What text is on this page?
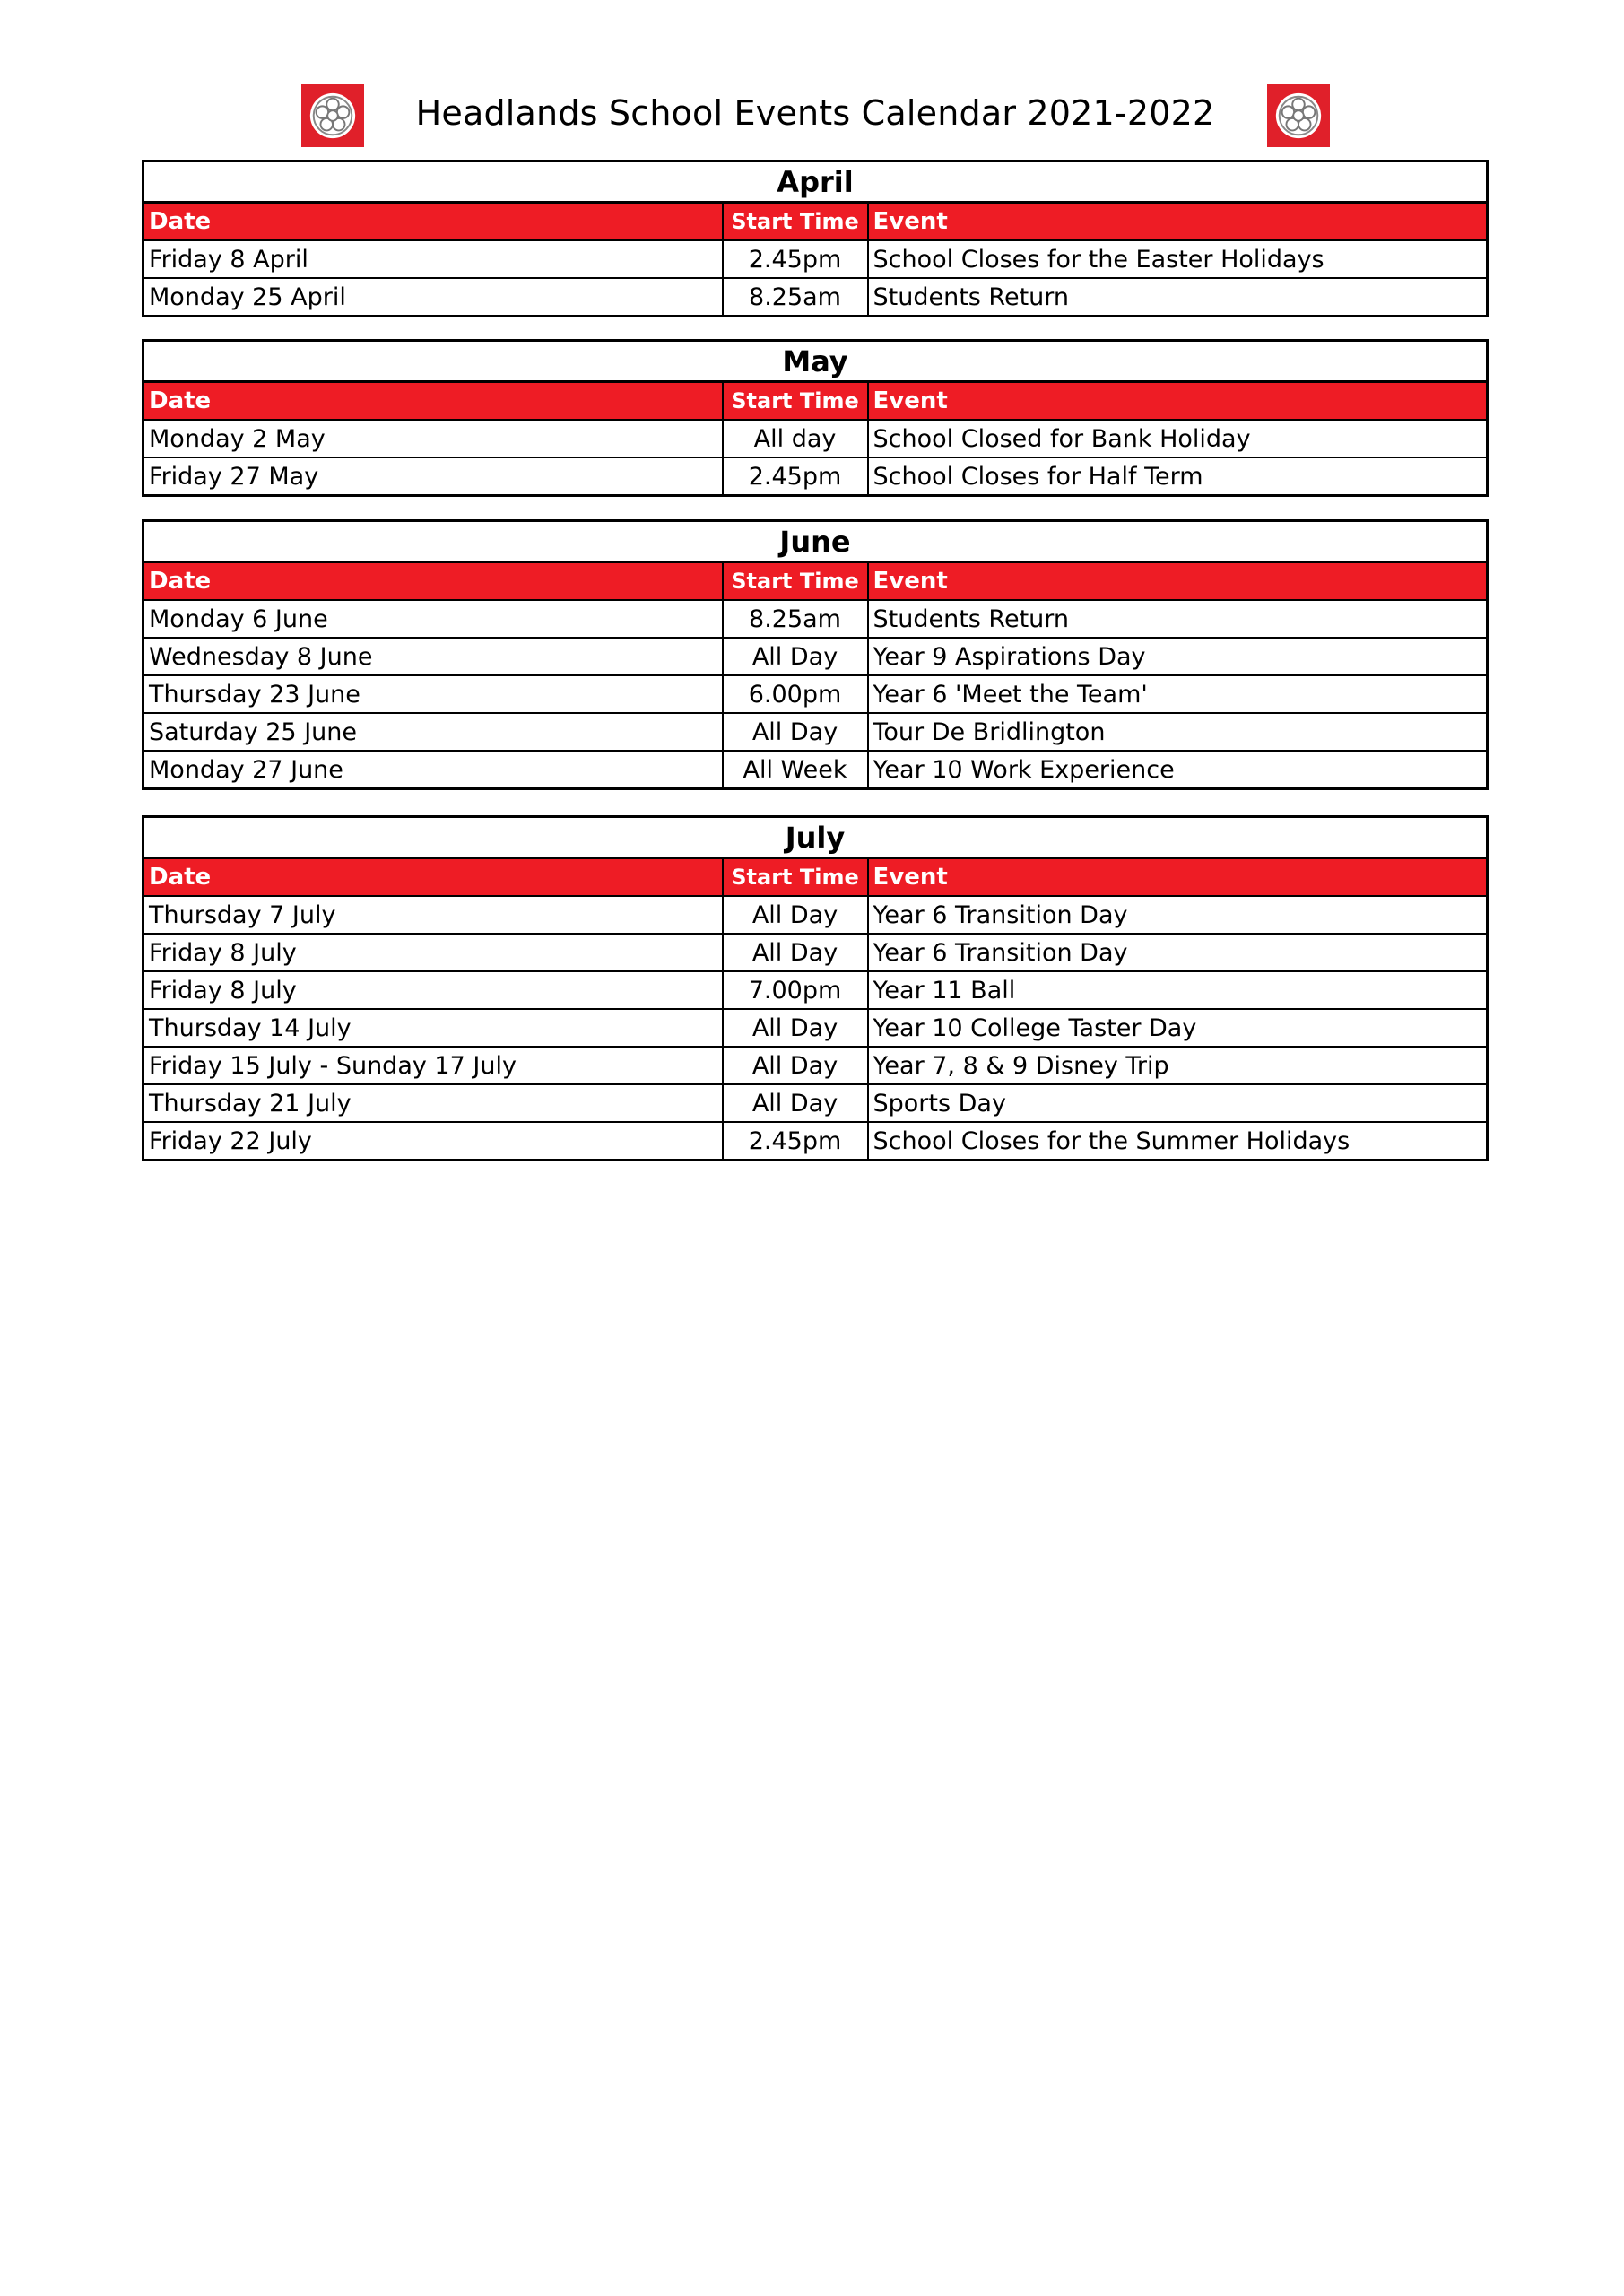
Headlands School Events Calendar 2021-2022
April		
Date	Start Time	Event
Friday 8 April	2.45pm	School Closes for the Easter Holidays
Monday 25 April	8.25am	Students Return
May		
Date	Start Time	Event
Monday 2 May	All day	School Closed for Bank Holiday
Friday 27 May	2.45pm	School Closes for Half Term
June		
Date	Start Time	Event
Monday 6 June	8.25am	Students Return
Wednesday 8 June	All Day	Year 9 Aspirations Day
Thursday 23 June	6.00pm	Year 6 'Meet the Team'
Saturday 25 June	All Day	Tour De Bridlington
Monday 27 June	All Week	Year 10 Work Experience
July		
Date	Start Time	Event
Thursday 7 July	All Day	Year 6 Transition Day
Friday 8 July	All Day	Year 6 Transition Day
Friday 8 July	7.00pm	Year 11 Ball
Thursday 14 July	All Day	Year 10 College Taster Day
Friday 15 July - Sunday 17 July	All Day	Year 7, 8 & 9 Disney Trip
Thursday 21 July	All Day	Sports Day
Friday 22 July	2.45pm	School Closes for the Summer Holidays
